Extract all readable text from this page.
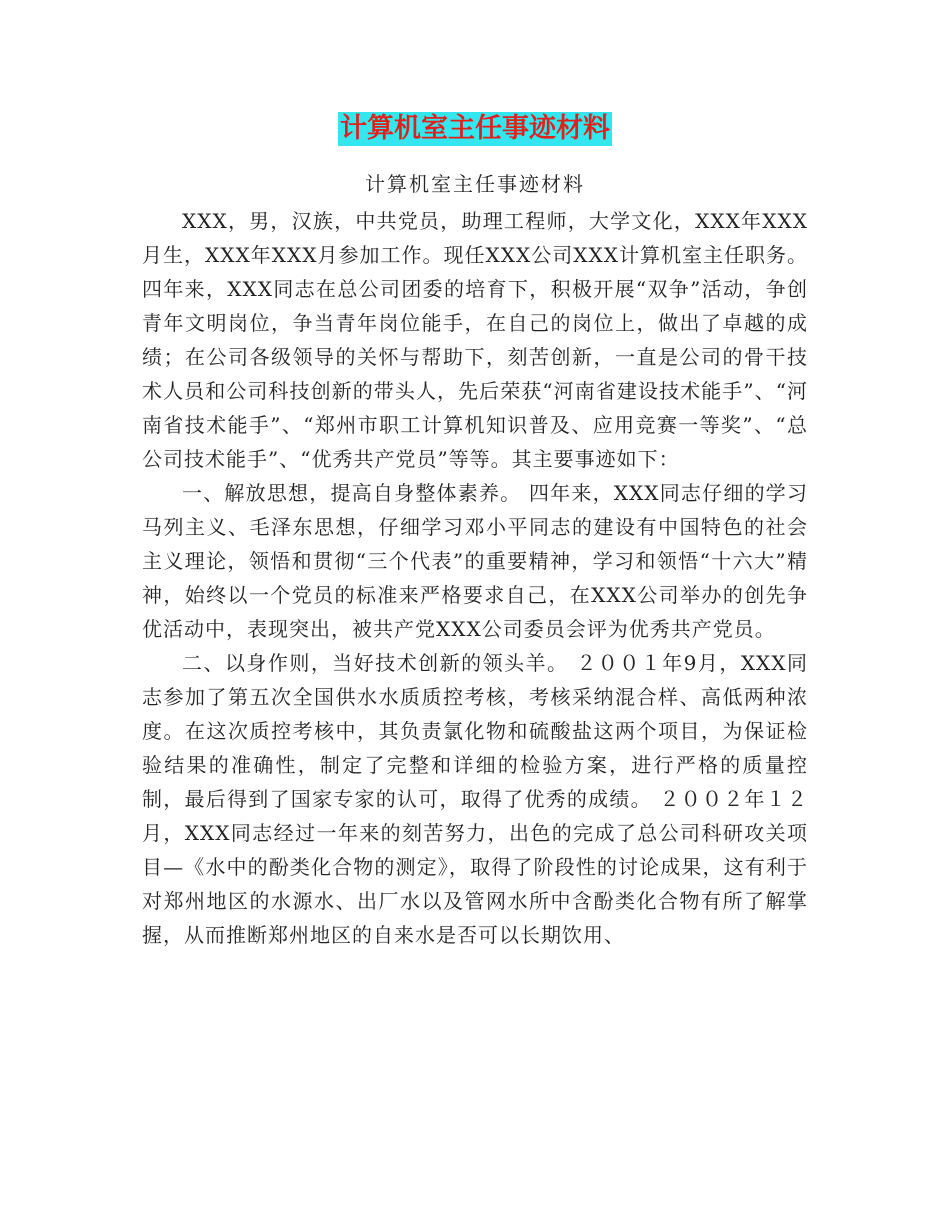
计算机室主任事迹材料
计算机室主任事迹材料

XXX，男，汉族，中共党员，助理工程师，大学文化，XXX年XXX月生，XXX年XXX月参加工作。现任XXX公司XXX计算机室主任职务。四年来，XXX同志在总公司团委的培育下，积极开展“双争”活动，争创青年文明岗位，争当青年岗位能手，在自己的岗位上，做出了卓越的成绩；在公司各级领导的关怀与帮助下，刻苦创新，一直是公司的骨干技术人员和公司科技创新的带头人，先后荣获“河南省建设技术能手”、“河南省技术能手”、“郑州市职工计算机知识普及、应用竞赛一等奖”、“总公司技术能手”、“优秀共产党员”等等。其主要事迹如下：

一、解放思想，提高自身整体素养。 四年来，XXX同志仔细的学习马列主义、毛泽东思想，仔细学习邓小平同志的建设有中国特色的社会主义理论，领悟和贯彻“三个代表”的重要精神，学习和领悟“十六大”精神，始终以一个党员的标准来严格要求自己，在XXX公司举办的创先争优活动中，表现突出，被共产党XXX公司委员会评为优秀共产党员。

二、以身作则，当好技术创新的领头羊。 ２００１年9月，XXX同志参加了第五次全国供水水质质控考核，考核采纳混合样、高低两种浓度。在这次质控考核中，其负责氯化物和硫酸盐这两个项目，为保证检验结果的准确性，制定了完整和详细的检验方案，进行严格的质量控制，最后得到了国家专家的认可，取得了优秀的成绩。 ２００２年１２月，XXX同志经过一年来的刻苦努力，出色的完成了总公司科研攻关项目—《水中的酚类化合物的测定》，取得了阶段性的讨论成果，这有利于对郑州地区的水源水、出厂水以及管网水所中含酚类化合物有所了解掌握，从而推断郑州地区的自来水是否可以长期饮用、
